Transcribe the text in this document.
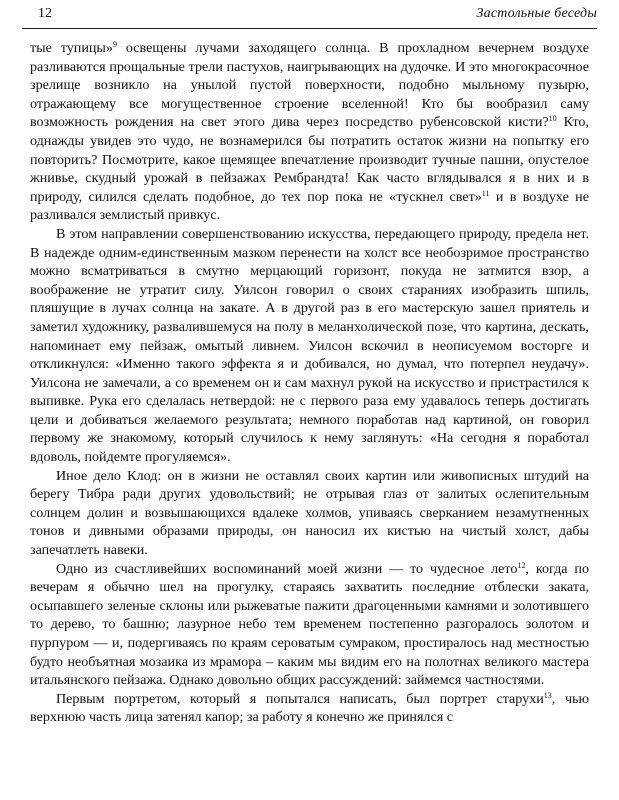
12	Застольные беседы

тые тупицы»$^9$ освещены лучами заходящего солнца. В прохладном вечернем воздухе разливаются прощальные трели пастухов, наигрывающих на дудочке. И это многокрасочное зрелище возникло на унылой пустой поверхности, подобно мыльному пузырю, отражающему все могущественное строение вселенной! Кто бы вообразил саму возможность рождения на свет этого дива через посредство рубенсовской кисти?$^{10}$ Кто, однажды увидев это чудо, не вознамерился бы потратить остаток жизни на попытку его повторить? Посмотрите, какое щемящее впечатление производит тучные пашни, опустелое жнивье, скудный урожай в пейзажах Рембрандта! Как часто вглядывался я в них и в природу, силился сделать подобное, до тех пор пока не «тускнел свет»$^{11}$ и в воздухе не разливался землистый привкус.

В этом направлении совершенствованию искусства, передающего природу, предела нет. В надежде одним-единственным мазком перенести на холст все необозримое пространство можно всматриваться в смутно мерцающий горизонт, покуда не затмится взор, а воображение не утратит силу. Уилсон говорил о своих стараниях изобразить шпиль, пляшущие в лучах солнца на закате. А в другой раз в его мастерскую зашел приятель и заметил художнику, развалившемуся на полу в меланхолической позе, что картина, дескать, напоминает ему пейзаж, омытый ливнем. Уилсон вскочил в неописуемом восторге и откликнулся: «Именно такого эффекта я и добивался, но думал, что потерпел неудачу». Уилсона не замечали, а со временем он и сам махнул рукой на искусство и пристрастился к выпивке. Рука его сделалась нетвердой: не с первого раза ему удавалось теперь достигать цели и добиваться желаемого результата; немного поработав над картиной, он говорил первому же знакомому, который случилось к нему заглянуть: «На сегодня я поработал вдоволь, пойдемте прогуляемся».

Иное дело Клод: он в жизни не оставлял своих картин или живописных штудий на берегу Тибра ради других удовольствий; не отрывая глаз от залитых ослепительным солнцем долин и возвышающихся вдалеке холмов, упиваясь сверканием незамутненных тонов и дивными образами природы, он наносил их кистью на чистый холст, дабы запечатлеть навеки.

Одно из счастливейших воспоминаний моей жизни — то чудесное лето$^{12}$, когда по вечерам я обычно шел на прогулку, стараясь захватить последние отблески заката, осыпавшего зеленые склоны или рыжеватые пажити драгоценными камнями и золотившего то дерево, то башню; лазурное небо тем временем постепенно разгоралось золотом и пурпуром — и, подергиваясь по краям сероватым сумраком, простиралось над местностью будто необъятная мозаика из мрамора – каким мы видим его на полотнах великого мастера итальянского пейзажа. Однако довольно общих рассуждений: займемся частностями.

Первым портретом, который я попытался написать, был портрет старухи$^{13}$, чью верхнюю часть лица затенял капор; за работу я конечно же принялся с
